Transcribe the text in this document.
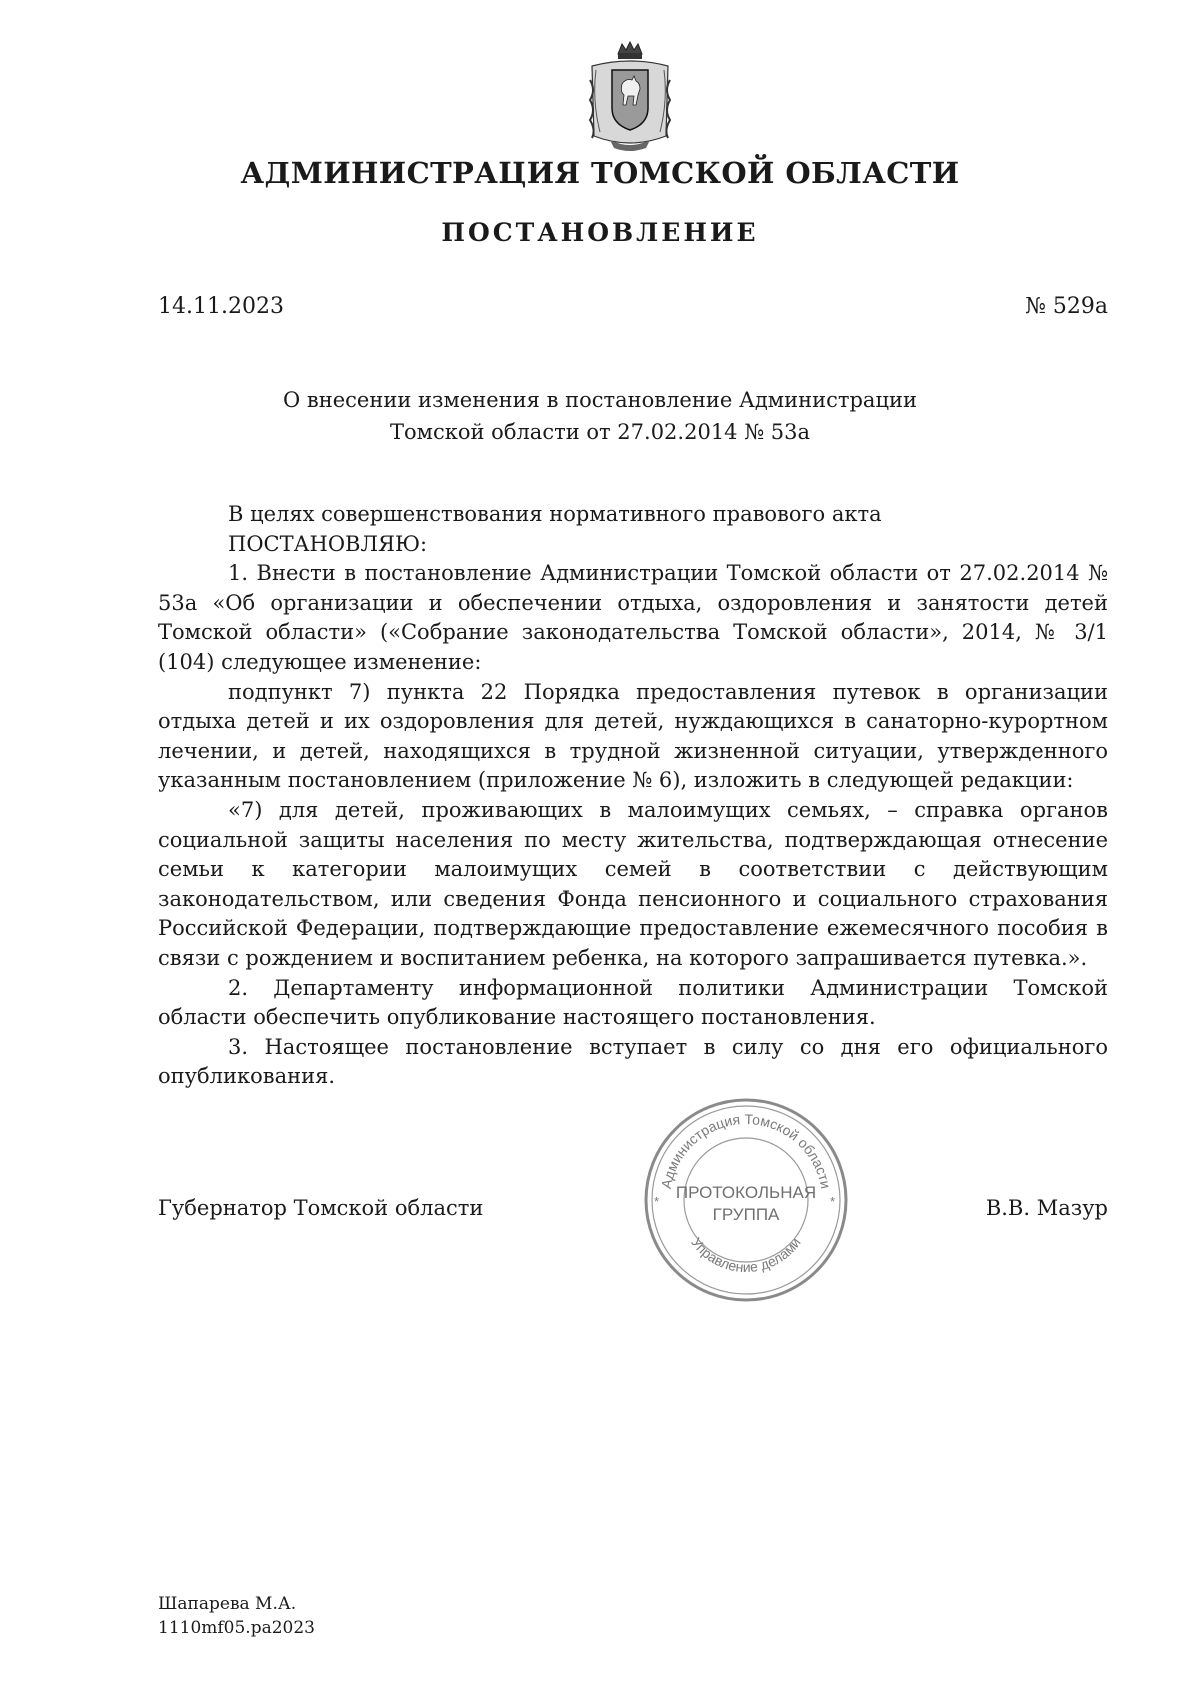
АДМИНИСТРАЦИЯ ТОМСКОЙ ОБЛАСТИ
ПОСТАНОВЛЕНИЕ
14.11.2023	№ 529а
О внесении изменения в постановление Администрации
Томской области от 27.02.2014 № 53а

В целях совершенствования нормативного правового акта

ПОСТАНОВЛЯЮ:

1. Внести в постановление Администрации Томской области от 27.02.2014 № 53а «Об организации и обеспечении отдыха, оздоровления и занятости детей Томской области» («Собрание законодательства Томской области», 2014, № 3/1 (104) следующее изменение:

подпункт 7) пункта 22 Порядка предоставления путевок в организации отдыха детей и их оздоровления для детей, нуждающихся в санаторно-курортном лечении, и детей, находящихся в трудной жизненной ситуации, утвержденного указанным постановлением (приложение № 6), изложить в следующей редакции:

«7) для детей, проживающих в малоимущих семьях, – справка органов социальной защиты населения по месту жительства, подтверждающая отнесение семьи к категории малоимущих семей в соответствии с действующим законодательством, или сведения Фонда пенсионного и социального страхования Российской Федерации, подтверждающие предоставление ежемесячного пособия в связи с рождением и воспитанием ребенка, на которого запрашивается путевка.».

2. Департаменту информационной политики Администрации Томской области обеспечить опубликование настоящего постановления.

3. Настоящее постановление вступает в силу со дня его официального опубликования.

Губернатор Томской области	В.В. Мазур
Администрация Томской области
Управление делами
ПРОТОКОЛЬНАЯ
ГРУППА
*	*
Шапарева М.А.
1110mf05.pa2023
